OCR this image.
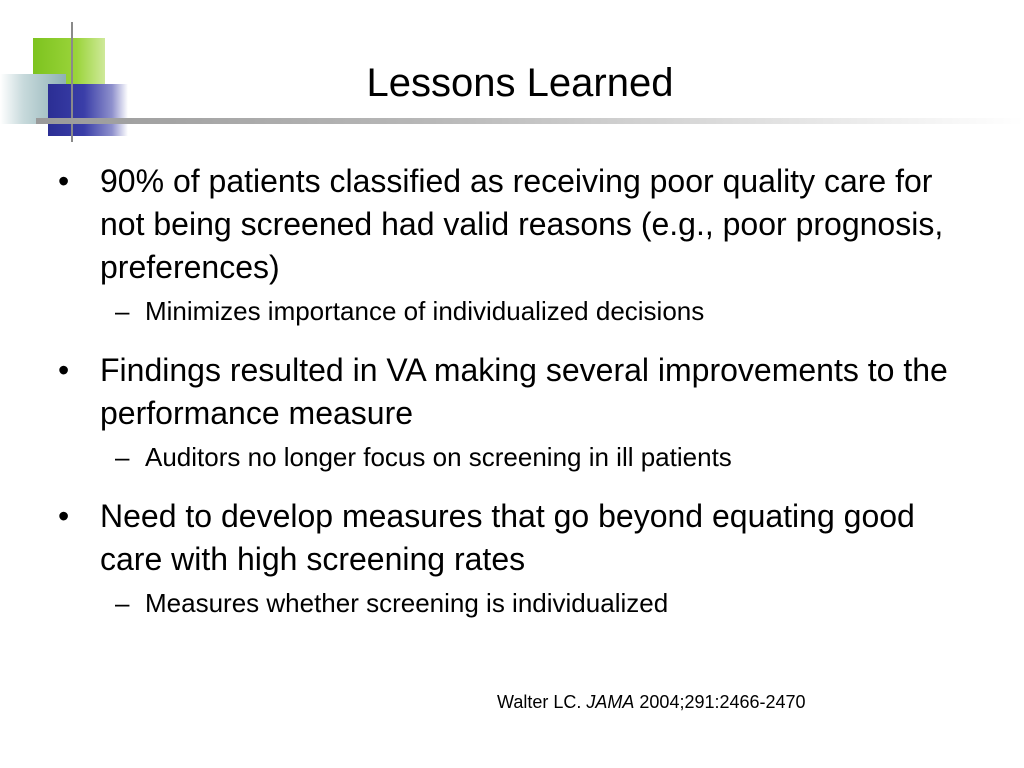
Lessons Learned
• 90% of patients classified as receiving poor quality care for not being screened had valid reasons (e.g., poor prognosis, preferences)
– Minimizes importance of individualized decisions
• Findings resulted in VA making several improvements to the performance measure
– Auditors no longer focus on screening in ill patients
• Need to develop measures that go beyond equating good care with high screening rates
– Measures whether screening is individualized
Walter LC. JAMA 2004;291:2466-2470
